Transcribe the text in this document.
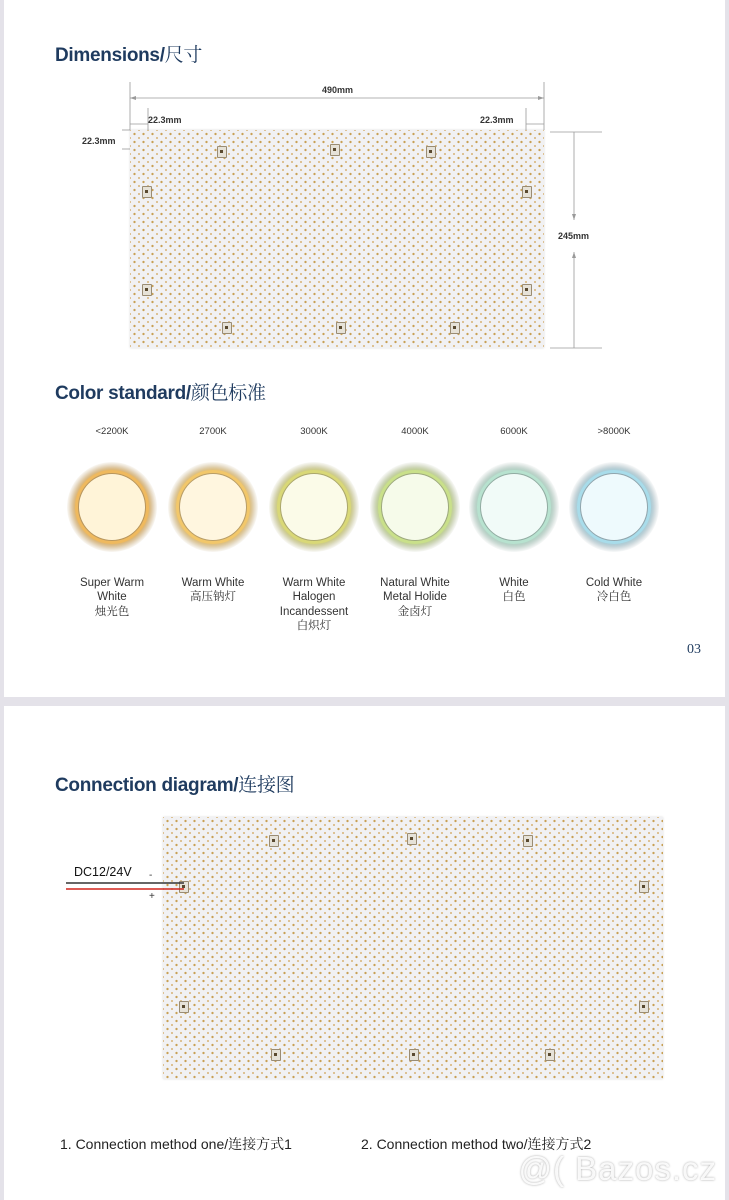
Dimensions/尺寸
490mm
22.3mm	22.3mm
22.3mm
245mm
Color standard/颜色标准
<2200K	2700K	3000K	4000K	6000K	>8000K
Super Warm
White
烛光色
Warm White
高压钠灯
Warm White
Halogen
Incandessent
白炽灯
Natural White
Metal Holide
金卤灯
White
白色
Cold White
冷白色
03
Connection diagram/连接图
DC12/24V -
+
1. Connection method one/连接方式1	2. Connection method two/连接方式2
@( Bazos.cz
